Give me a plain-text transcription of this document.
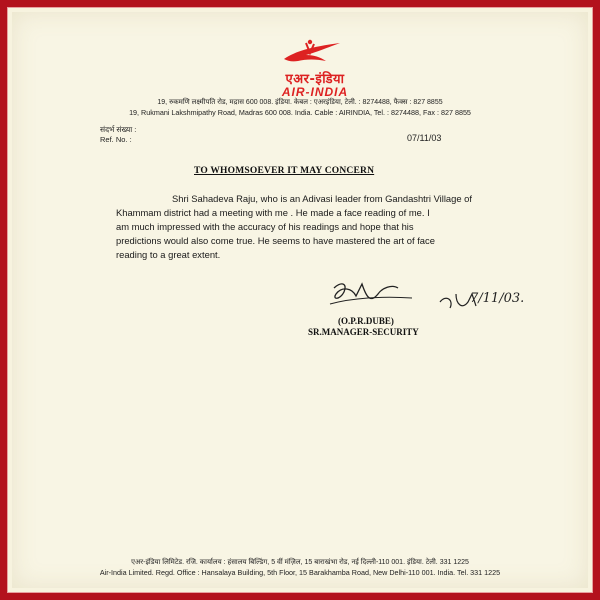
एअर-इंडिया
AIR-INDIA
19, रुकमणि लक्ष्मीपति रोड, मद्रास 600 008. इंडिया. केबल : एअरइंडिया, टेली. : 8274488, फैक्स : 827 8855
19, Rukmani Lakshmipathy Road, Madras 600 008. India. Cable : AIRINDIA, Tel. : 8274488, Fax : 827 8855
संदर्भ संख्या :
Ref. No. :	07/11/03
TO WHOMSOEVER IT MAY CONCERN
Shri Sahadeva Raju, who is an Adivasi leader from Gandashtri Village of
Khammam district had a meeting with me . He made a face reading of me. I
am much impressed with the accuracy of his readings and hope that his
predictions would also come true. He seems to have mastered the art of face
reading to a great extent.
7/11/03.
(O.P.R.DUBE)
SR.MANAGER-SECURITY
एअर-इंडिया लिमिटेड. रजि. कार्यालय : हंसालय बिल्डिंग, 5 वीं मंज़िल, 15 बाराखंभा रोड, नई दिल्ली-110 001. इंडिया. टेली. 331 1225
Air-India Limited. Regd. Office : Hansalaya Building, 5th Floor, 15 Barakhamba Road, New Delhi-110 001. India. Tel. 331 1225
